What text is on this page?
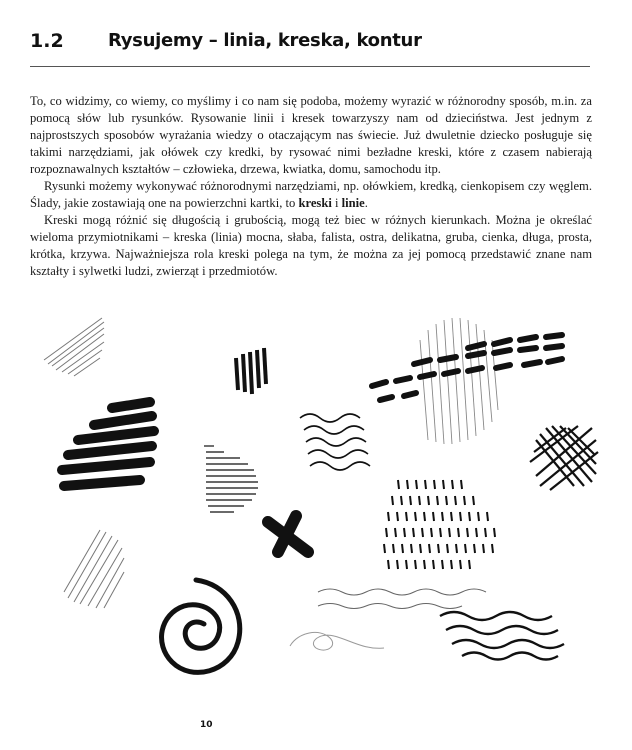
1.2 Rysujemy – linia, kreska, kontur

To, co widzimy, co wiemy, co myślimy i co nam się podoba, możemy wyrazić w różnorodny sposób, m.in. za pomocą słów lub rysunków. Rysowanie linii i kresek towarzyszy nam od dzieciństwa. Jest jednym z najprostszych sposobów wyrażania wiedzy o otaczającym nas świecie. Już dwuletnie dziecko posługuje się takimi narzędziami, jak ołówek czy kredki, by rysować nimi bezładne kreski, które z czasem nabierają rozpoznawalnych kształtów – człowieka, drzewa, kwiatka, domu, samochodu itp.

Rysunki możemy wykonywać różnorodnymi narzędziami, np. ołówkiem, kredką, cienkopisem czy węglem. Ślady, jakie zostawiają one na powierzchni kartki, to kreski i linie.

Kreski mogą różnić się długością i grubością, mogą też biec w różnych kierunkach. Można je określać wieloma przymiotnikami – kreska (linia) mocna, słaba, falista, ostra, delikatna, gruba, cienka, długa, prosta, krótka, krzywa. Najważniejsza rola kreski polega na tym, że można za jej pomocą przedstawić znane nam kształty i sylwetki ludzi, zwierząt i przedmiotów.

10
